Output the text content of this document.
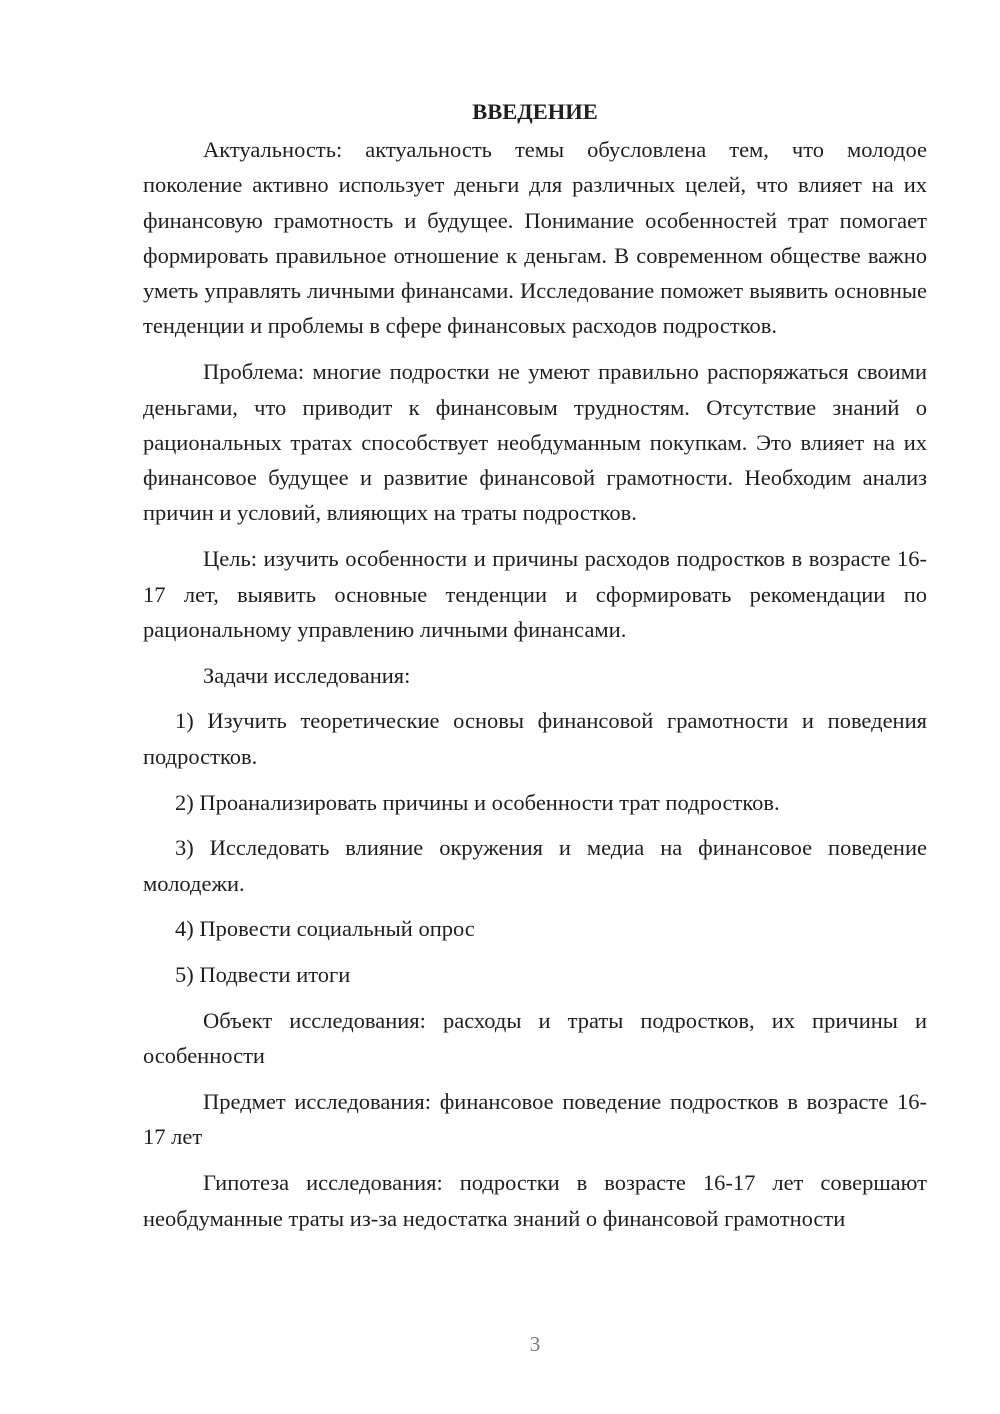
ВВЕДЕНИЕ

Актуальность: актуальность темы обусловлена тем, что молодое поколение активно использует деньги для различных целей, что влияет на их финансовую грамотность и будущее. Понимание особенностей трат помогает формировать правильное отношение к деньгам. В современном обществе важно уметь управлять личными финансами. Исследование поможет выявить основные тенденции и проблемы в сфере финансовых расходов подростков.

Проблема: многие подростки не умеют правильно распоряжаться своими деньгами, что приводит к финансовым трудностям. Отсутствие знаний о рациональных тратах способствует необдуманным покупкам. Это влияет на их финансовое будущее и развитие финансовой грамотности. Необходим анализ причин и условий, влияющих на траты подростков.

Цель: изучить особенности и причины расходов подростков в возрасте 16-17 лет, выявить основные тенденции и сформировать рекомендации по рациональному управлению личными финансами.

Задачи исследования:

1) Изучить теоретические основы финансовой грамотности и поведения подростков.

2) Проанализировать причины и особенности трат подростков.

3) Исследовать влияние окружения и медиа на финансовое поведение молодежи.

4) Провести социальный опрос

5) Подвести итоги

Объект исследования: расходы и траты подростков, их причины и особенности

Предмет исследования: финансовое поведение подростков в возрасте 16-17 лет

Гипотеза исследования: подростки в возрасте 16-17 лет совершают необдуманные траты из-за недостатка знаний о финансовой грамотности

3
